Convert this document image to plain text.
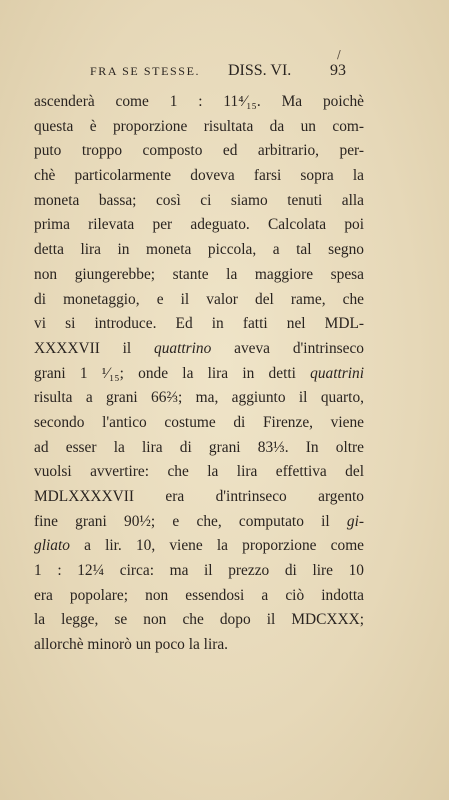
/
FRA SE STESSE. DISS. VI. 93
ascenderà come 1 : 11⁴⁄₁₅. Ma poichè
questa è proporzione risultata da un com-
puto troppo composto ed arbitrario, per-
chè particolarmente doveva farsi sopra la
moneta bassa; così ci siamo tenuti alla
prima rilevata per adeguato. Calcolata poi
detta lira in moneta piccola, a tal segno
non giungerebbe; stante la maggiore spesa
di monetaggio, e il valor del rame, che
vi si introduce. Ed in fatti nel MDL-
XXXXVII il quattrino aveva d'intrinseco
grani 1 ¹⁄₁₅; onde la lira in detti quattrini
risulta a grani 66⅔; ma, aggiunto il quarto,
secondo l'antico costume di Firenze, viene
ad esser la lira di grani 83⅓. In oltre
vuolsi avvertire: che la lira effettiva del
MDLXXXXVII era d'intrinseco argento
fine grani 90½; e che, computato il gi-
gliato a lir. 10, viene la proporzione come
1 : 12¼ circa: ma il prezzo di lire 10
era popolare; non essendosi a ciò indotta
la legge, se non che dopo il MDCXXX;
allorchè minorò un poco la lira.
